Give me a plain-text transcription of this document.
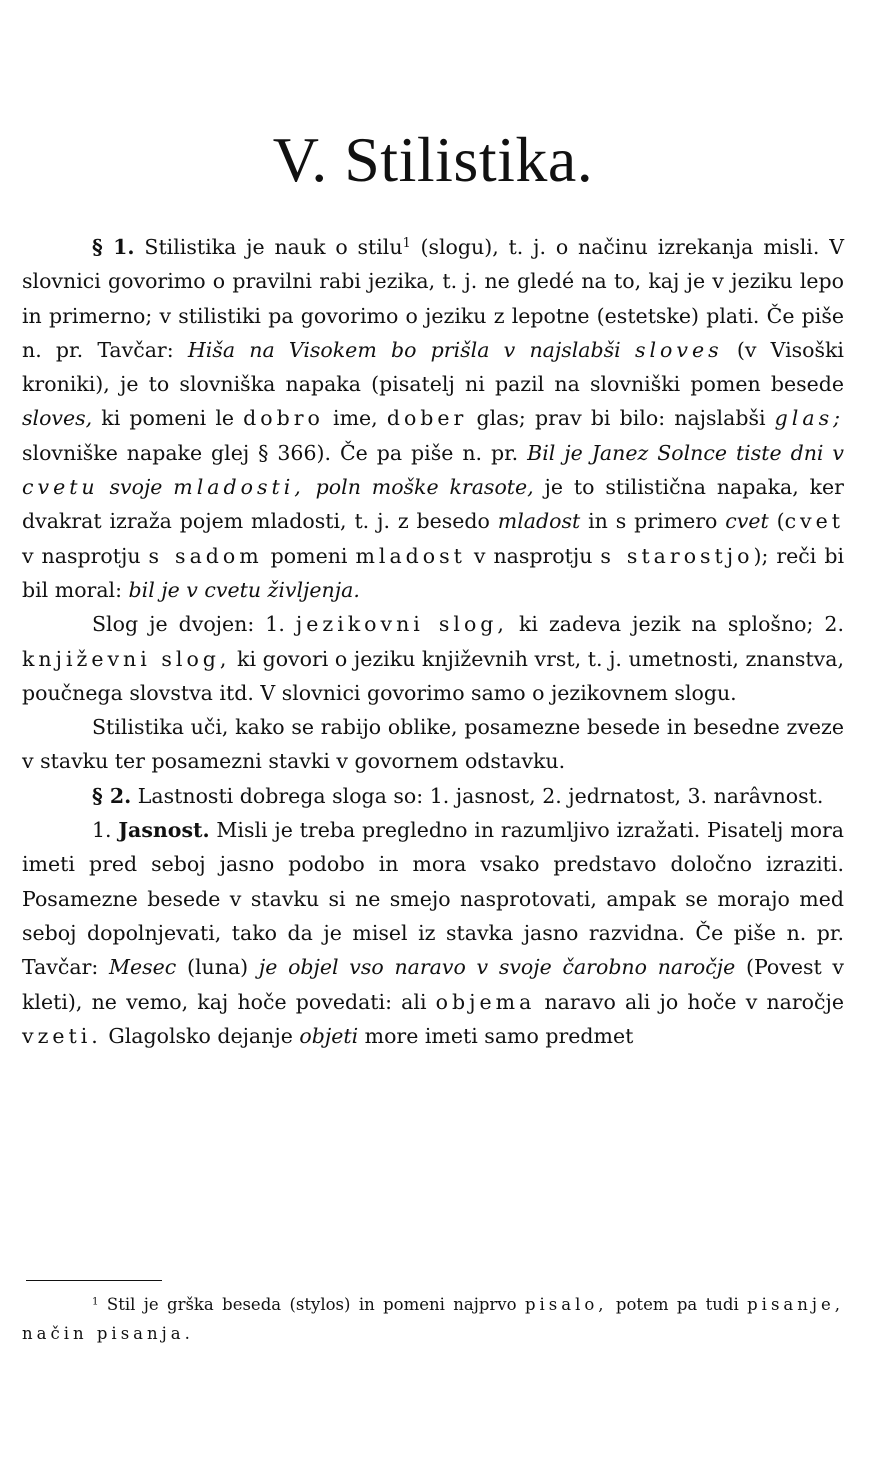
V. Stilistika.

§ 1. Stilistika je nauk o stilu$^1$ (slogu), t. j. o načinu izrekanja misli. V slovnici govorimo o pravilni rabi jezika, t. j. ne gledé na to, kaj je v jeziku lepo in primerno; v stilistiki pa govorimo o jeziku z lepotne (estetske) plati. Če piše n. pr. Tavčar: Hiša na Visokem bo prišla v najslabši sloves (v Visoški kroniki), je to slovniška napaka (pisatelj ni pazil na slovniški pomen besede sloves, ki pomeni le dobro ime, dober glas; prav bi bilo: najslabši glas; slovniške napake glej § 366). Če pa piše n. pr. Bil je Janez Solnce tiste dni v cvetu svoje mladosti, poln moške krasote, je to stilistična napaka, ker dvakrat izraža pojem mladosti, t. j. z besedo mladost in s primero cvet (cvet v nasprotju s sadom pomeni mladost v nasprotju s starostjo); reči bi bil moral: bil je v cvetu življenja.

Slog je dvojen: 1. jezikovni slog, ki zadeva jezik na splošno; 2. književni slog, ki govori o jeziku književnih vrst, t. j. umetnosti, znanstva, poučnega slovstva itd. V slovnici govorimo samo o jezikovnem slogu.

Stilistika uči, kako se rabijo oblike, posamezne besede in besedne zveze v stavku ter posamezni stavki v govornem odstavku.

§ 2. Lastnosti dobrega sloga so: 1. jasnost, 2. jedrnatost, 3. narâvnost.

1. Jasnost. Misli je treba pregledno in razumljivo izražati. Pisatelj mora imeti pred seboj jasno podobo in mora vsako predstavo določno izraziti. Posamezne besede v stavku si ne smejo nasprotovati, ampak se morajo med seboj dopolnjevati, tako da je misel iz stavka jasno razvidna. Če piše n. pr. Tavčar: Mesec (luna) je objel vso naravo v svoje čarobno naročje (Povest v kleti), ne vemo, kaj hoče povedati: ali objema naravo ali jo hoče v naročje vzeti. Glagolsko dejanje objeti more imeti samo predmet

$^1$ Stil je grška beseda (stylos) in pomeni najprvo pisalo, potem pa tudi pisanje, način pisanja.
